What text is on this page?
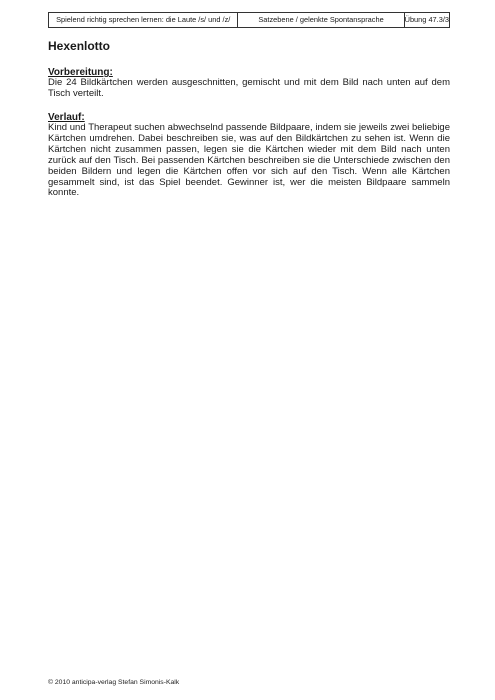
Spielend richtig sprechen lernen: die Laute /s/ und /z/	Satzebene / gelenkte Spontansprache	Übung 47.3/3
Hexenlotto

Vorbereitung:

Die 24 Bildkärtchen werden ausgeschnitten, gemischt und mit dem Bild nach unten auf dem Tisch verteilt.

Verlauf:

Kind und Therapeut suchen abwechselnd passende Bildpaare, indem sie jeweils zwei beliebige Kärtchen umdrehen. Dabei beschreiben sie, was auf den Bildkärtchen zu sehen ist. Wenn die Kärtchen nicht zusammen passen, legen sie die Kärtchen wieder mit dem Bild nach unten zurück auf den Tisch. Bei passenden Kärtchen beschreiben sie die Unterschiede zwischen den beiden Bildern und legen die Kärtchen offen vor sich auf den Tisch. Wenn alle Kärtchen gesammelt sind, ist das Spiel beendet. Gewinner ist, wer die meisten Bildpaare sammeln konnte.

© 2010 anticipa-verlag Stefan Simonis-Kalk
